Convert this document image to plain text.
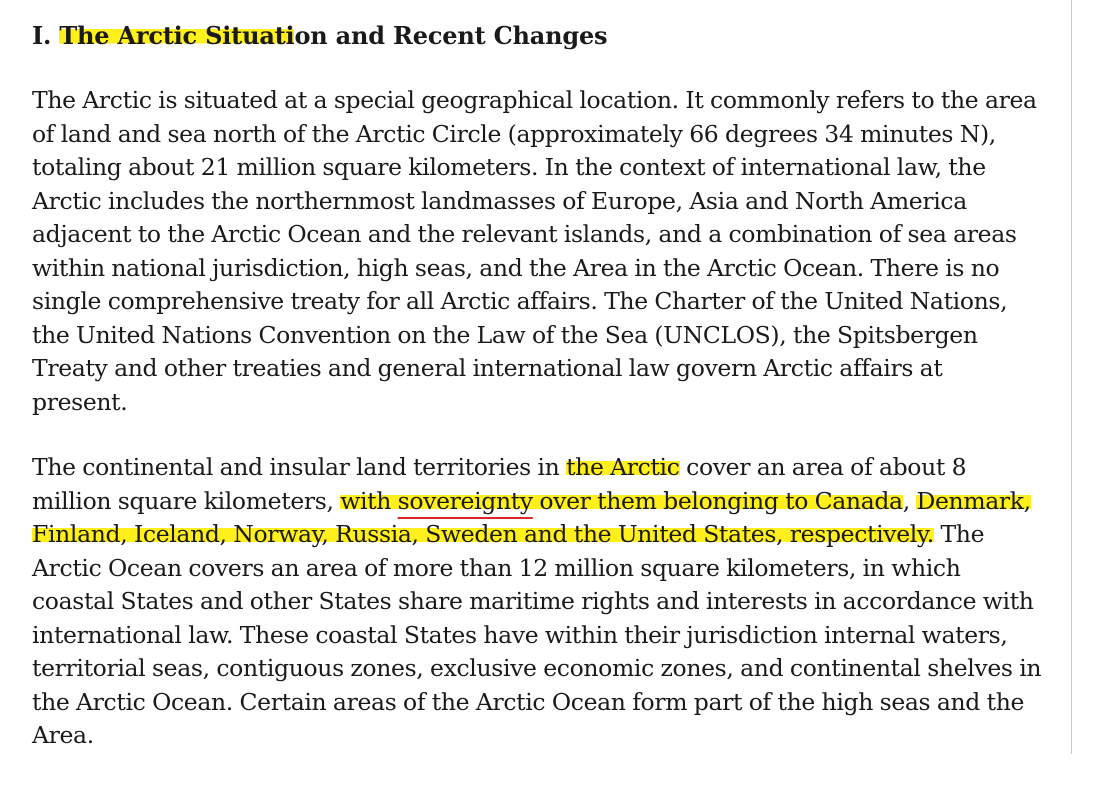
I. The Arctic Situation and Recent Changes
The Arctic is situated at a special geographical location. It commonly refers to the area of land and sea north of the Arctic Circle (approximately 66 degrees 34 minutes N), totaling about 21 million square kilometers. In the context of international law, the Arctic includes the northernmost landmasses of Europe, Asia and North America adjacent to the Arctic Ocean and the relevant islands, and a combination of sea areas within national jurisdiction, high seas, and the Area in the Arctic Ocean. There is no single comprehensive treaty for all Arctic affairs. The Charter of the United Nations, the United Nations Convention on the Law of the Sea (UNCLOS), the Spitsbergen Treaty and other treaties and general international law govern Arctic affairs at present.
The continental and insular land territories in the Arctic cover an area of about 8 million square kilometers, with sovereignty over them belonging to Canada, Denmark, Finland, Iceland, Norway, Russia, Sweden and the United States, respectively. The Arctic Ocean covers an area of more than 12 million square kilometers, in which coastal States and other States share maritime rights and interests in accordance with international law. These coastal States have within their jurisdiction internal waters, territorial seas, contiguous zones, exclusive economic zones, and continental shelves in the Arctic Ocean. Certain areas of the Arctic Ocean form part of the high seas and the Area.
